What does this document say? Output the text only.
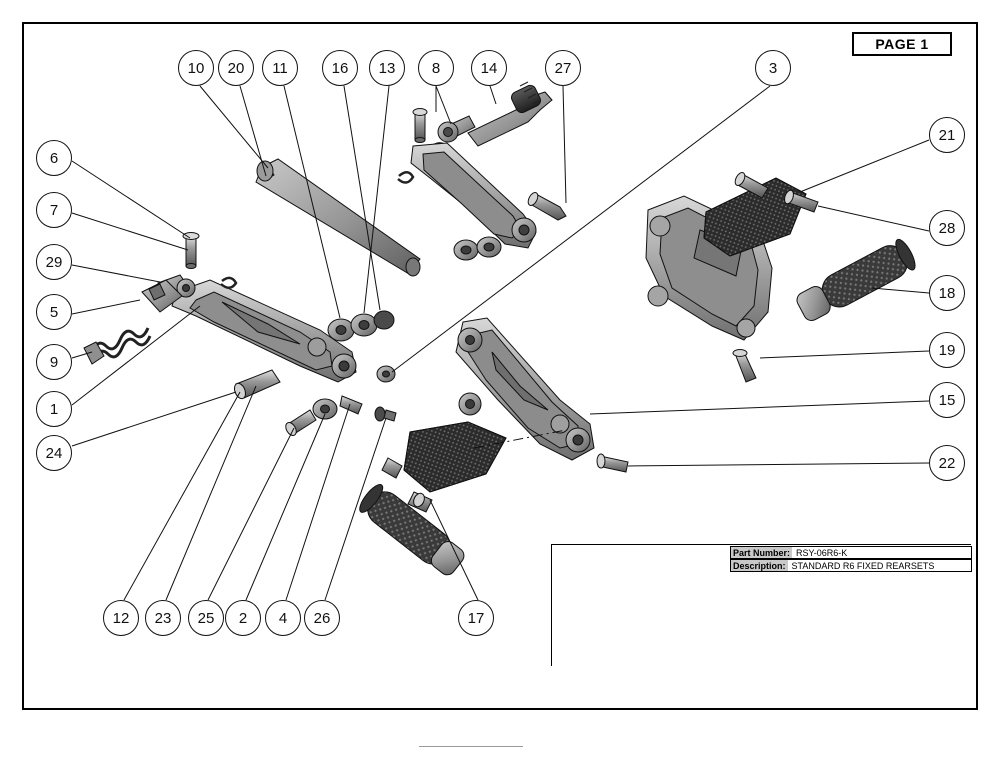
10 20 11	16 13 8	14	27	3
21
28
18
19
15
22
6
7
29
5
9
1
24
12 23 25 2 4 26	17
PAGE 1
Part Number: RSY-06R6-K
Description: STANDARD R6 FIXED REARSETS
